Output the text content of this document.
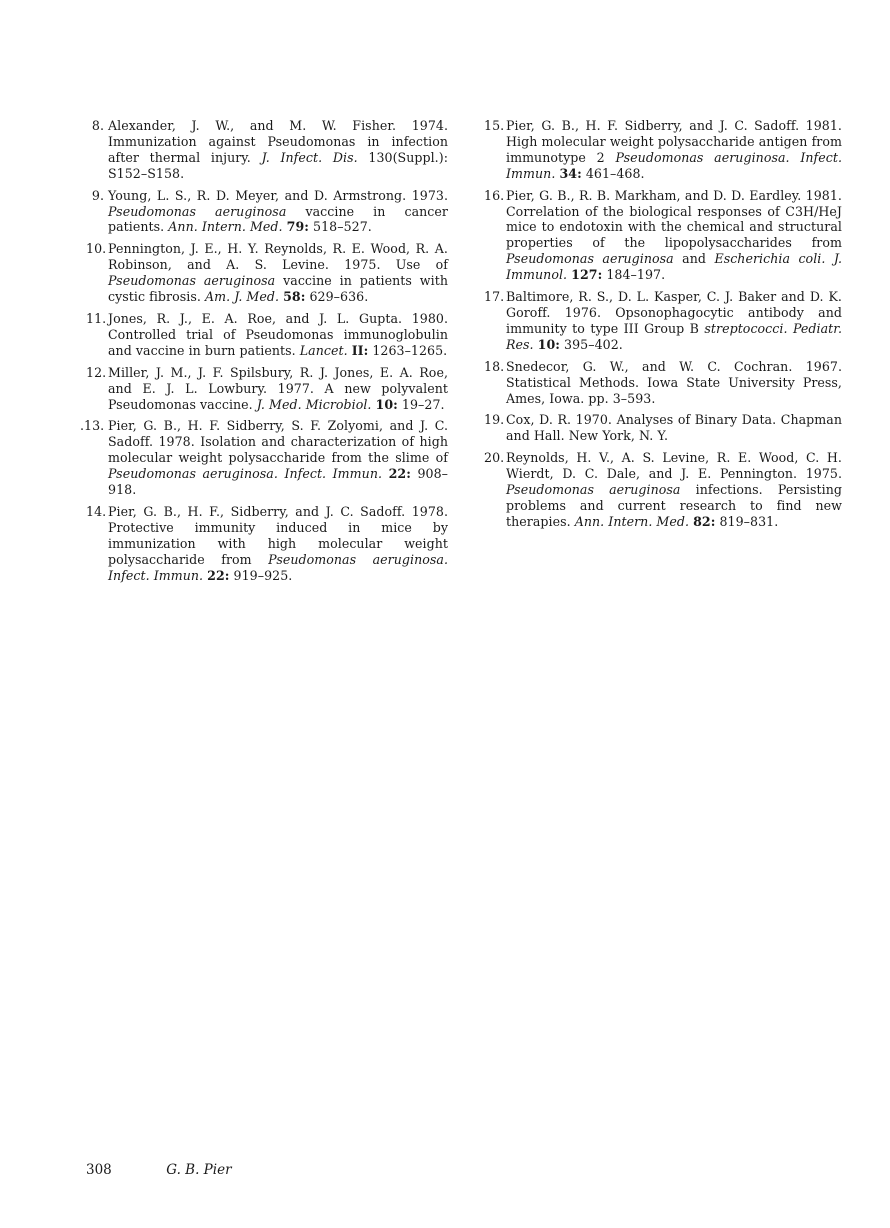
8. Alexander, J. W., and M. W. Fisher. 1974. Immunization against Pseudomonas in infection after thermal injury. J. Infect. Dis. 130(Suppl.): S152–S158.

9. Young, L. S., R. D. Meyer, and D. Armstrong. 1973. Pseudomonas aeruginosa vaccine in cancer patients. Ann. Intern. Med. 79: 518–527.

10. Pennington, J. E., H. Y. Reynolds, R. E. Wood, R. A. Robinson, and A. S. Levine. 1975. Use of Pseudomonas aeruginosa vaccine in patients with cystic fibrosis. Am. J. Med. 58: 629–636.

11. Jones, R. J., E. A. Roe, and J. L. Gupta. 1980. Controlled trial of Pseudomonas immunoglobulin and vaccine in burn patients. Lancet. II: 1263–1265.

12. Miller, J. M., J. F. Spilsbury, R. J. Jones, E. A. Roe, and E. J. L. Lowbury. 1977. A new polyvalent Pseudomonas vaccine. J. Med. Microbiol. 10: 19–27.

.13. Pier, G. B., H. F. Sidberry, S. F. Zolyomi, and J. C. Sadoff. 1978. Isolation and characterization of high molecular weight polysaccharide from the slime of Pseudomonas aeruginosa. Infect. Immun. 22: 908–918.

14. Pier, G. B., H. F., Sidberry, and J. C. Sadoff. 1978. Protective immunity induced in mice by immunization with high molecular weight polysaccharide from Pseudomonas aeruginosa. Infect. Immun. 22: 919–925.

15. Pier, G. B., H. F. Sidberry, and J. C. Sadoff. 1981. High molecular weight polysaccharide antigen from immunotype 2 Pseudomonas aeruginosa. Infect. Immun. 34: 461–468.

16. Pier, G. B., R. B. Markham, and D. D. Eardley. 1981. Correlation of the biological responses of C3H/HeJ mice to endotoxin with the chemical and structural properties of the lipopolysaccharides from Pseudomonas aeruginosa and Escherichia coli. J. Immunol. 127: 184–197.

17. Baltimore, R. S., D. L. Kasper, C. J. Baker and D. K. Goroff. 1976. Opsonophagocytic antibody and immunity to type III Group B streptococci. Pediatr. Res. 10: 395–402.

18. Snedecor, G. W., and W. C. Cochran. 1967. Statistical Methods. Iowa State University Press, Ames, Iowa. pp. 3–593.

19. Cox, D. R. 1970. Analyses of Binary Data. Chapman and Hall. New York, N. Y.

20. Reynolds, H. V., A. S. Levine, R. E. Wood, C. H. Wierdt, D. C. Dale, and J. E. Pennington. 1975. Pseudomonas aeruginosa infections. Persisting problems and current research to find new therapies. Ann. Intern. Med. 82: 819–831.

308	G. B. Pier
